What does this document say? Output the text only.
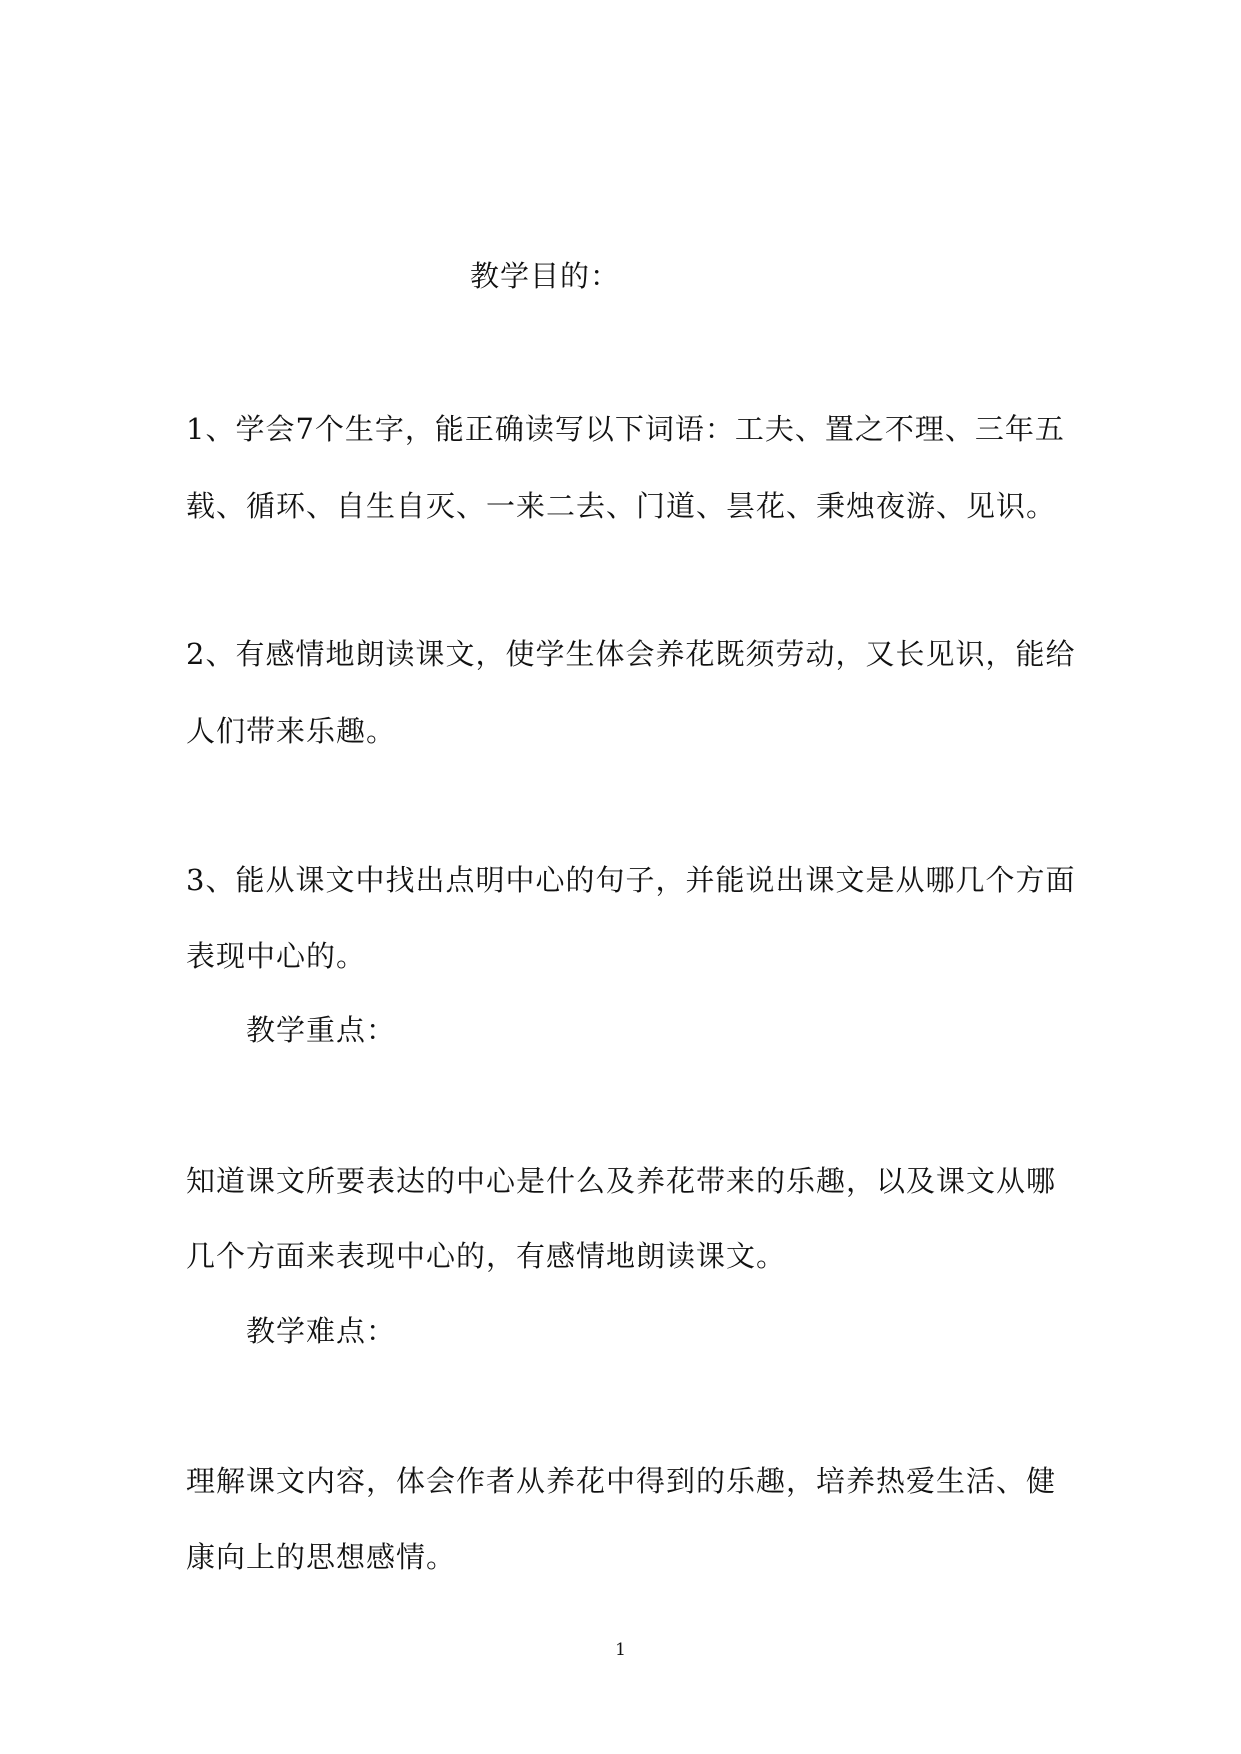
教学目的：
1、学会7个生字，能正确读写以下词语：工夫、置之不理、三年五
载、循环、自生自灭、一来二去、门道、昙花、秉烛夜游、见识。
2、有感情地朗读课文，使学生体会养花既须劳动，又长见识，能给
人们带来乐趣。
3、能从课文中找出点明中心的句子，并能说出课文是从哪几个方面
表现中心的。
教学重点：
知道课文所要表达的中心是什么及养花带来的乐趣，以及课文从哪
几个方面来表现中心的，有感情地朗读课文。
教学难点：
理解课文内容，体会作者从养花中得到的乐趣，培养热爱生活、健
康向上的思想感情。
1
